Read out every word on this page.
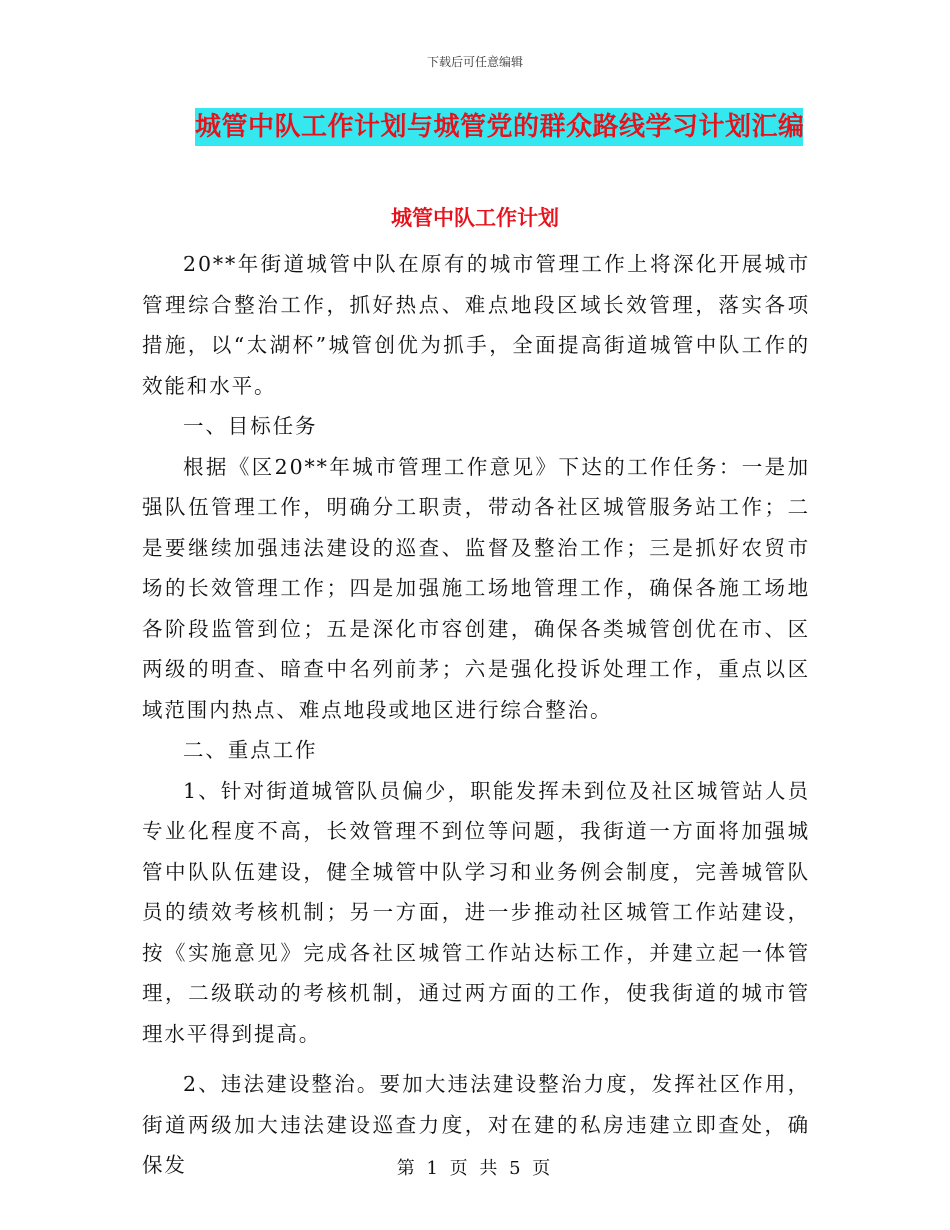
下载后可任意编辑
城管中队工作计划与城管党的群众路线学习计划汇编
城管中队工作计划

20**年街道城管中队在原有的城市管理工作上将深化开展城市管理综合整治工作，抓好热点、难点地段区域长效管理，落实各项措施，以“太湖杯”城管创优为抓手，全面提高街道城管中队工作的效能和水平。

一、目标任务

根据《区20**年城市管理工作意见》下达的工作任务：一是加强队伍管理工作，明确分工职责，带动各社区城管服务站工作；二是要继续加强违法建设的巡查、监督及整治工作；三是抓好农贸市场的长效管理工作；四是加强施工场地管理工作，确保各施工场地各阶段监管到位；五是深化市容创建，确保各类城管创优在市、区两级的明查、暗查中名列前茅；六是强化投诉处理工作，重点以区域范围内热点、难点地段或地区进行综合整治。

二、重点工作

1、针对街道城管队员偏少，职能发挥未到位及社区城管站人员专业化程度不高，长效管理不到位等问题，我街道一方面将加强城管中队队伍建设，健全城管中队学习和业务例会制度，完善城管队员的绩效考核机制；另一方面，进一步推动社区城管工作站建设，按《实施意见》完成各社区城管工作站达标工作，并建立起一体管理，二级联动的考核机制，通过两方面的工作，使我街道的城市管理水平得到提高。

2、违法建设整治。要加大违法建设整治力度，发挥社区作用，街道两级加大违法建设巡查力度，对在建的私房违建立即查处，确保发	第 1 页 共 5 页
